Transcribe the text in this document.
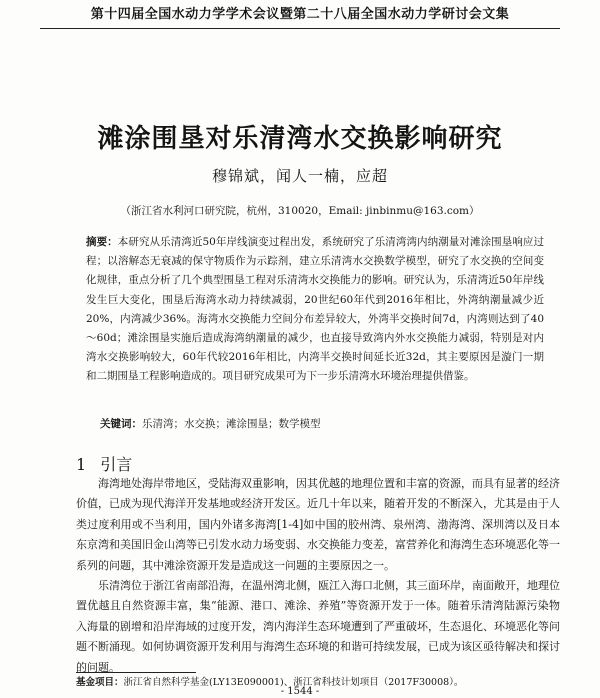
第十四届全国水动力学学术会议暨第二十八届全国水动力学研讨会文集
滩涂围垦对乐清湾水交换影响研究
穆锦斌，闻人一楠，应超
（浙江省水利河口研究院，杭州，310020，Email: jinbinmu@163.com）
摘要：本研究从乐清湾近50年岸线演变过程出发，系统研究了乐清湾湾内纳潮量对滩涂围垦响应过程；以溶解态无衰减的保守物质作为示踪剂，建立乐清湾水交换数学模型，研究了水交换的空间变化规律，重点分析了几个典型围垦工程对乐清湾水交换能力的影响。研究认为，乐清湾近50年岸线发生巨大变化，围垦后海湾水动力持续减弱，20世纪60年代到2016年相比，外湾纳潮量减少近20%，内湾减少36%。海湾水交换能力空间分布差异较大，外湾半交换时间7d，内湾则达到了40～60d；滩涂围垦实施后造成海湾纳潮量的减少，也直接导致湾内外水交换能力减弱，特别是对内湾水交换影响较大，60年代较2016年相比，内湾半交换时间延长近32d，其主要原因是漩门一期和二期围垦工程影响造成的。项目研究成果可为下一步乐清湾水环境治理提供借鉴。
关键词：乐清湾；水交换；滩涂围垦；数学模型
1 引言

海湾地处海岸带地区，受陆海双重影响，因其优越的地理位置和丰富的资源，而具有显著的经济价值，已成为现代海洋开发基地或经济开发区。近几十年以来，随着开发的不断深入，尤其是由于人类过度利用或不当利用，国内外诸多海湾[1-4]如中国的胶州湾、泉州湾、渤海湾、深圳湾以及日本东京湾和美国旧金山湾等已引发水动力场变弱、水交换能力变差，富营养化和海湾生态环境恶化等一系列的问题，其中滩涂资源开发是造成这一问题的主要原因之一。

乐清湾位于浙江省南部沿海，在温州湾北侧，瓯江入海口北侧，其三面环岸，南面敞开，地理位置优越且自然资源丰富，集“能源、港口、滩涂、养殖”等资源开发于一体。随着乐清湾陆源污染物入海量的剧增和沿岸海域的过度开发，湾内海洋生态环境遭到了严重破坏，生态退化、环境恶化等问题不断涌现。如何协调资源开发利用与海湾生态环境的和谐可持续发展，已成为该区亟待解决和探讨的问题。

基金项目：浙江省自然科学基金(LY13E090001)、浙江省科技计划项目（2017F30008）。
- 1544 -
